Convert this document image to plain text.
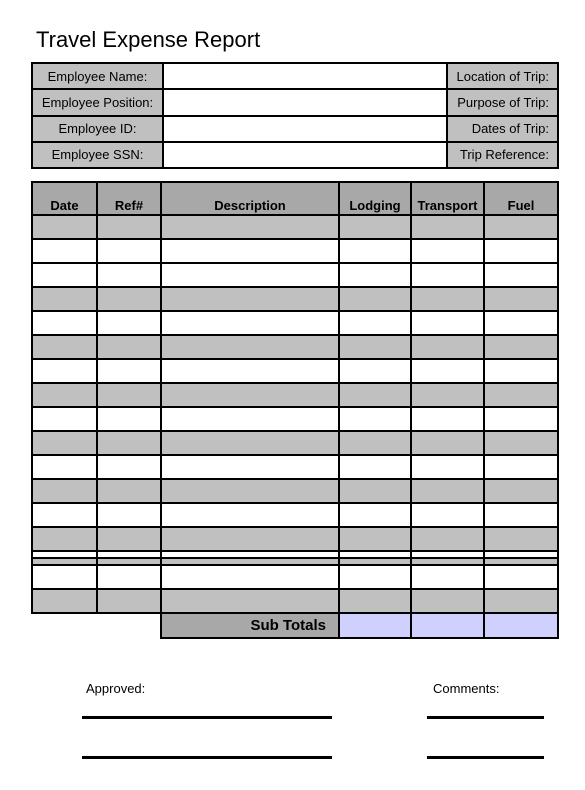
Travel Expense Report
Employee Name:		Location of Trip:
Employee Position:		Purpose of Trip:
Employee ID:		Dates of Trip:
Employee SSN:		Trip Reference:
Date	Ref#	Description	Lodging	Transport	Fuel

		Sub Totals			
Approved:	Comments:
